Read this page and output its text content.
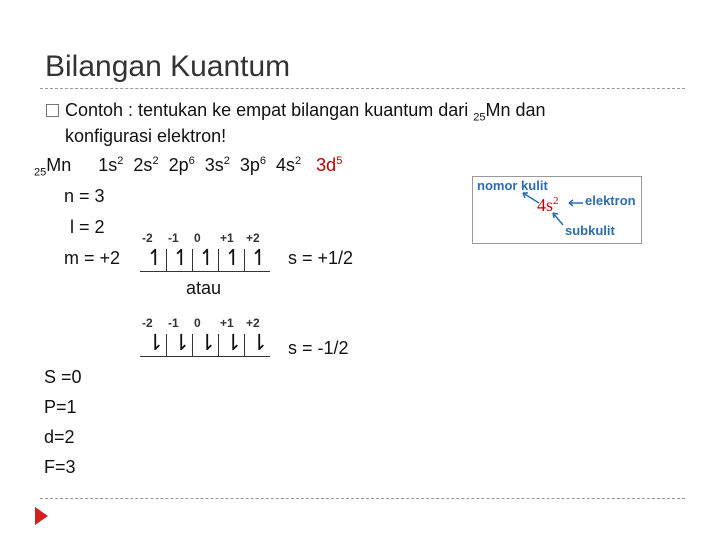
Bilangan Kuantum
Contoh : tentukan ke empat bilangan kuantum dari $_{25}$Mn dan
konfigurasi elektron!
$_{25}$Mn $1s^2$ $2s^2$ $2p^6$ $3s^2$ $3p^6$ $4s^2$ $3d^5$
n = 3
l = 2
m = +2
-2 -1 0 +1 +2
↿ ↿ ↿ ↿ ↿ s = +1/2
atau
-2 -1 0 +1 +2
⇂ ⇂ ⇂ ⇂ ⇂ s = -1/2
nomor kulit
elektron
subkulit
$4s^2$
S =0
P=1
d=2
F=3
